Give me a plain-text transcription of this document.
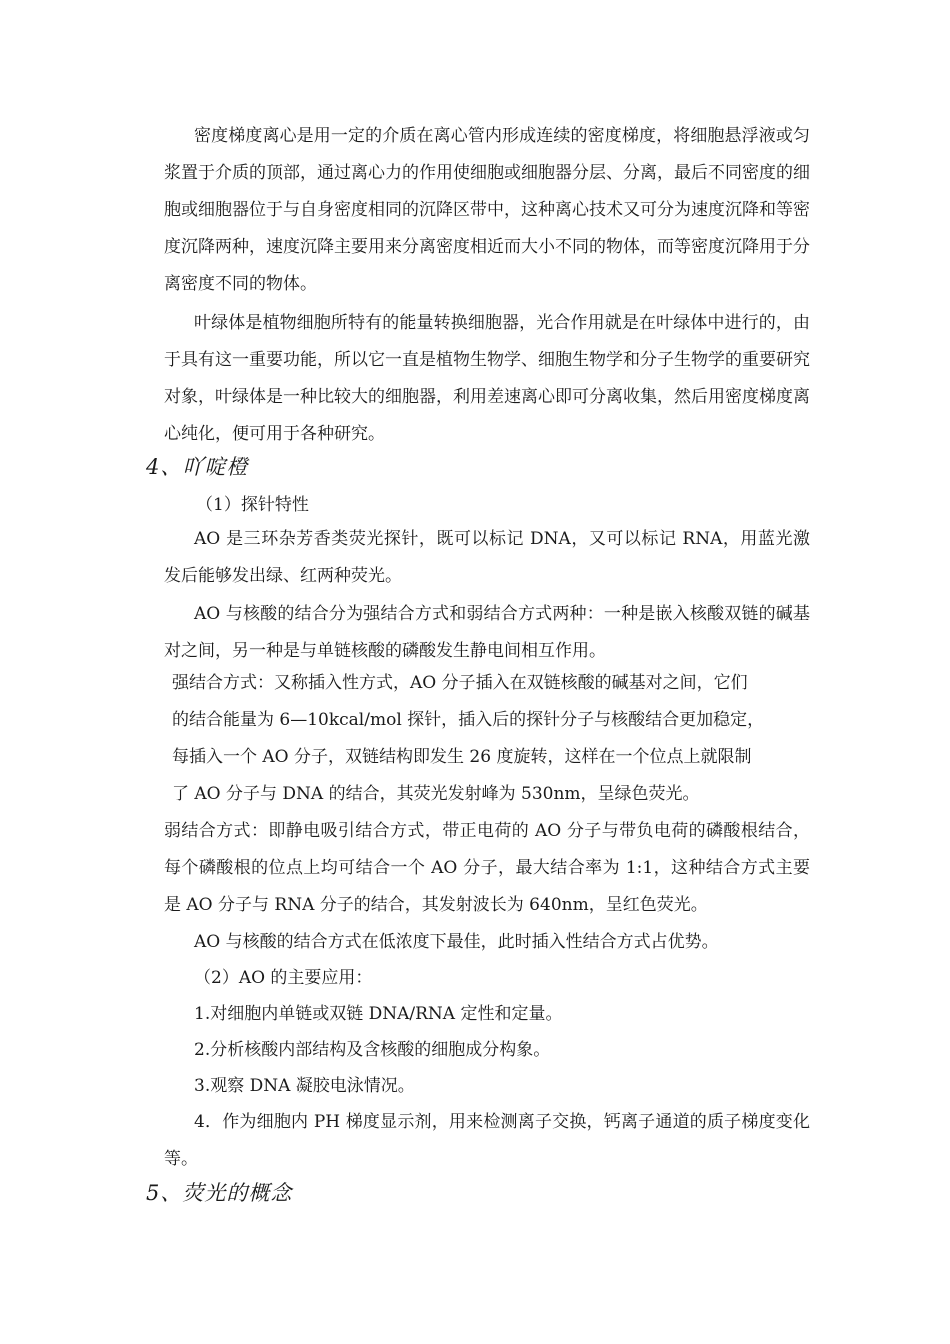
密度梯度离心是用一定的介质在离心管内形成连续的密度梯度，将细胞悬浮液或匀浆置于介质的顶部，通过离心力的作用使细胞或细胞器分层、分离，最后不同密度的细胞或细胞器位于与自身密度相同的沉降区带中，这种离心技术又可分为速度沉降和等密度沉降两种，速度沉降主要用来分离密度相近而大小不同的物体，而等密度沉降用于分离密度不同的物体。

叶绿体是植物细胞所特有的能量转换细胞器，光合作用就是在叶绿体中进行的，由于具有这一重要功能，所以它一直是植物生物学、细胞生物学和分子生物学的重要研究对象，叶绿体是一种比较大的细胞器，利用差速离心即可分离收集，然后用密度梯度离心纯化，便可用于各种研究。

4、吖啶橙
（1）探针特性

AO 是三环杂芳香类荧光探针，既可以标记 DNA，又可以标记 RNA，用蓝光激发后能够发出绿、红两种荧光。

AO 与核酸的结合分为强结合方式和弱结合方式两种：一种是嵌入核酸双链的碱基对之间，另一种是与单链核酸的磷酸发生静电间相互作用。

强结合方式：又称插入性方式，AO 分子插入在双链核酸的碱基对之间，它们
的结合能量为 6—10kcal/mol 探针，插入后的探针分子与核酸结合更加稳定，
每插入一个 AO 分子，双链结构即发生 26 度旋转，这样在一个位点上就限制
了 AO 分子与 DNA 的结合，其荧光发射峰为 530nm，呈绿色荧光。

弱结合方式：即静电吸引结合方式，带正电荷的 AO 分子与带负电荷的磷酸根结合，每个磷酸根的位点上均可结合一个 AO 分子，最大结合率为 1:1，这种结合方式主要是 AO 分子与 RNA 分子的结合，其发射波长为 640nm，呈红色荧光。

AO 与核酸的结合方式在低浓度下最佳，此时插入性结合方式占优势。
（2）AO 的主要应用：
1.对细胞内单链或双链 DNA/RNA 定性和定量。
2.分析核酸内部结构及含核酸的细胞成分构象。
3.观察 DNA 凝胶电泳情况。

4．作为细胞内 PH 梯度显示剂，用来检测离子交换，钙离子通道的质子梯度变化等。

5、荧光的概念
